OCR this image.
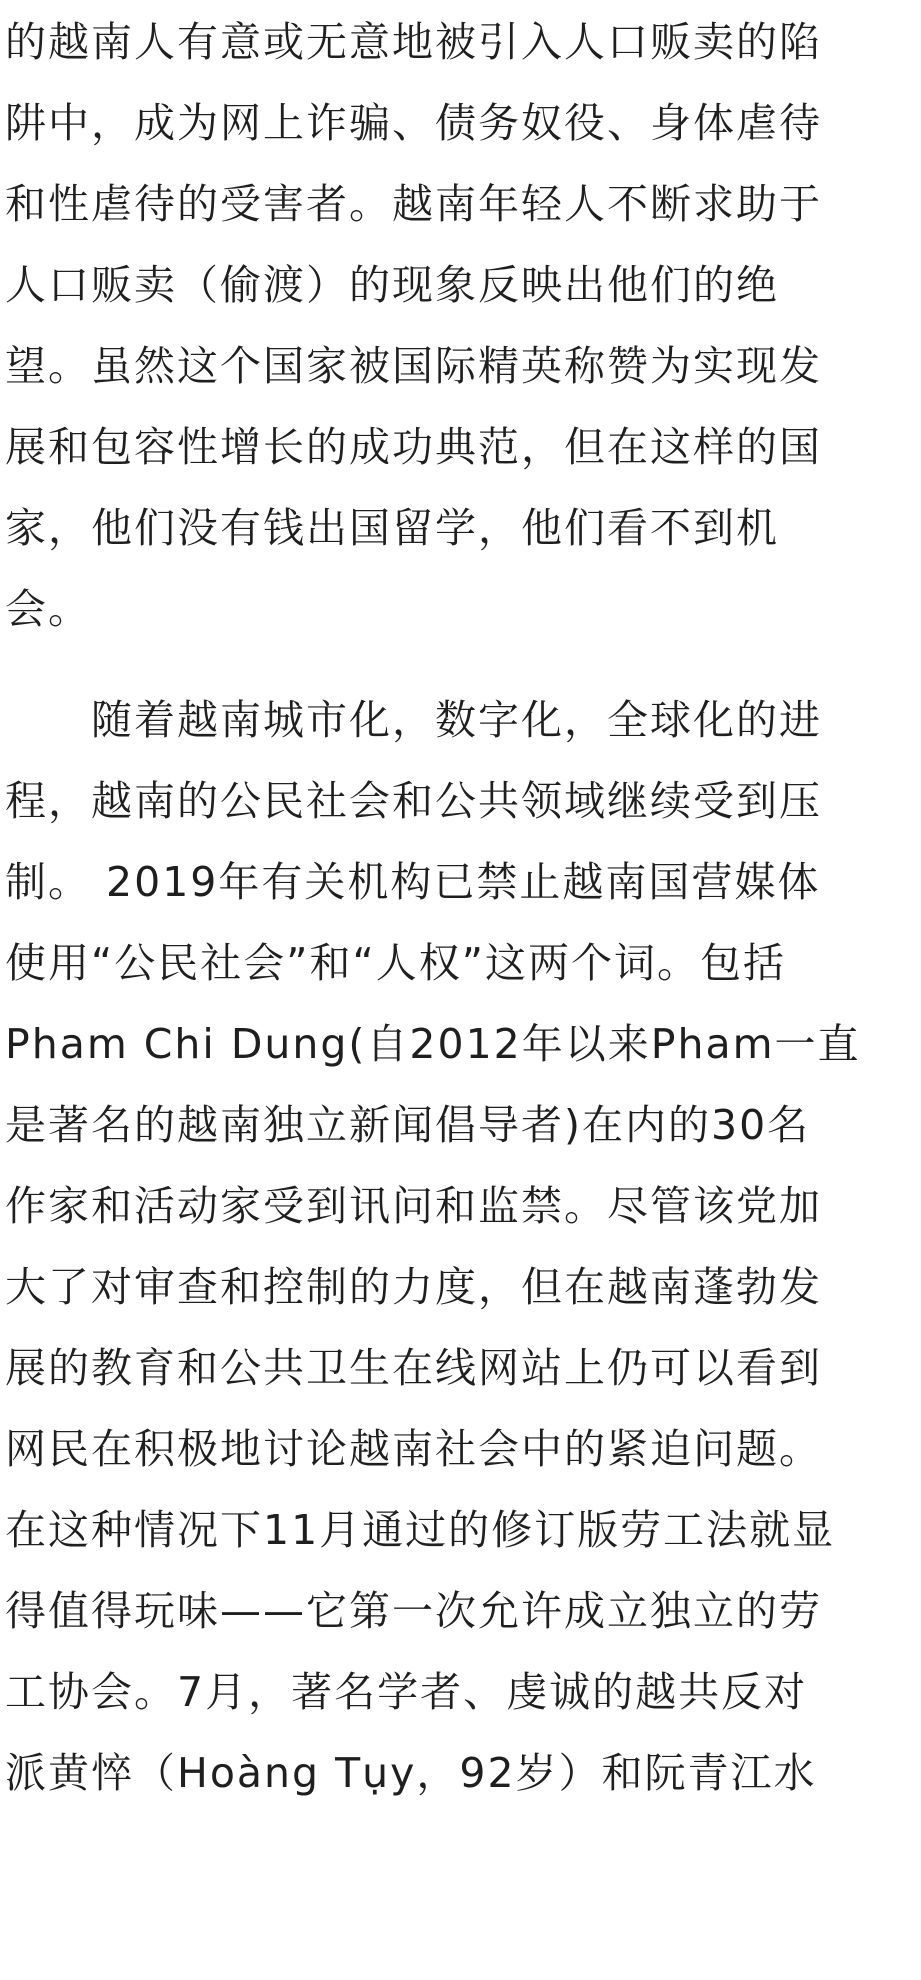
的越南人有意或无意地被引入人口贩卖的陷
阱中，成为网上诈骗、债务奴役、身体虐待
和性虐待的受害者。越南年轻人不断求助于
人口贩卖（偷渡）的现象反映出他们的绝
望。虽然这个国家被国际精英称赞为实现发
展和包容性增长的成功典范，但在这样的国
家，他们没有钱出国留学，他们看不到机
会。
　　随着越南城市化，数字化，全球化的进
程，越南的公民社会和公共领域继续受到压
制。 2019年有关机构已禁止越南国营媒体
使用“公民社会”和“人权”这两个词。包括
Pham Chi Dung(自2012年以来Pham一直
是著名的越南独立新闻倡导者)在内的30名
作家和活动家受到讯问和监禁。尽管该党加
大了对审查和控制的力度，但在越南蓬勃发
展的教育和公共卫生在线网站上仍可以看到
网民在积极地讨论越南社会中的紧迫问题。
在这种情况下11月通过的修订版劳工法就显
得值得玩味——它第一次允许成立独立的劳
工协会。7月，著名学者、虔诚的越共反对
派黄悴（Hoàng Tụy，92岁）和阮青江水
